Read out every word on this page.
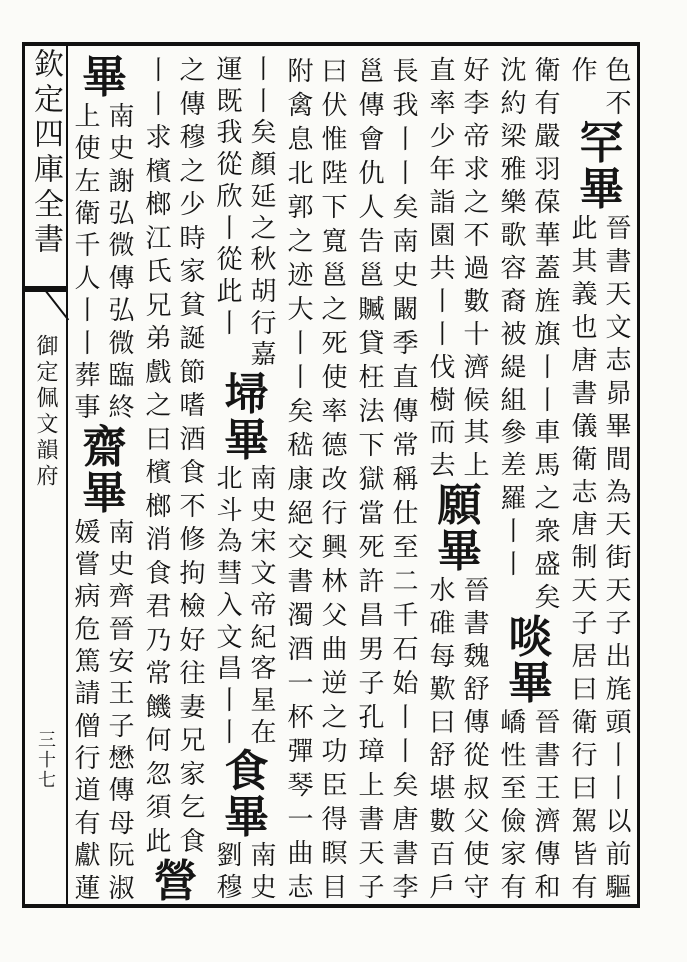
欽定四庫全書
御定佩文韻府
三十七
色
不
作
罕
畢
晉
書
天
文
志
昴
畢
間
為
天
街
天
子
出
旄
頭
丨
丨
以
前
驅
此
其
義
也
唐
書
儀
衛
志
唐
制
天
子
居
曰
衛
行
曰
駕
皆
有
衛
有
嚴
羽
葆
華
蓋
旌
旗
丨
丨
車
馬
之
衆
盛
矣
沈
約
梁
雅
樂
歌
容
裔
被
緹
組
參
差
羅
丨
丨
啖
畢
晉
書
王
濟
傳
和
嶠
性
至
儉
家
有
好
李
帝
求
之
不
過
數
十
濟
候
其
上
直
率
少
年
詣
園
共
丨
丨
伐
樹
而
去
願
畢
晉
書
魏
舒
傳
從
叔
父
使
守
水
碓
每
歎
曰
舒
堪
數
百
戶
長
我
丨
丨
矣
南
史
闞
季
直
傳
常
稱
仕
至
二
千
石
始
丨
丨
矣
唐
書
李
邕
傳
會
仇
人
告
邕
贓
貸
枉
法
下
獄
當
死
許
昌
男
子
孔
璋
上
書
天
子
曰
伏
惟
陛
下
寬
邕
之
死
使
率
德
改
行
興
林
父
曲
逆
之
功
臣
得
瞑
目
附
禽
息
北
郭
之
迹
大
丨
丨
矣
嵇
康
絕
交
書
濁
酒
一
杯
彈
琴
一
曲
志
丨
丨
矣
顏
延
之
秋
胡
行
嘉
運
既
我
從
欣
丨
從
此
丨
埽
畢
南
史
宋
文
帝
紀
客
星
在
北
斗
為
彗
入
文
昌
丨
丨
食
畢
南
史
劉
穆
之
傳
穆
之
少
時
家
貧
誕
節
嗜
酒
食
不
修
拘
檢
好
往
妻
兄
家
乞
食
丨
丨
求
檳
榔
江
氏
兄
弟
戲
之
曰
檳
榔
消
食
君
乃
常
饑
何
忽
須
此
營
畢
南
史
謝
弘
微
傳
弘
微
臨
終
上
使
左
衛
千
人
丨
丨
葬
事
齋
畢
南
史
齊
晉
安
王
子
懋
傳
母
阮
淑
媛
嘗
病
危
篤
請
僧
行
道
有
獻
蓮
